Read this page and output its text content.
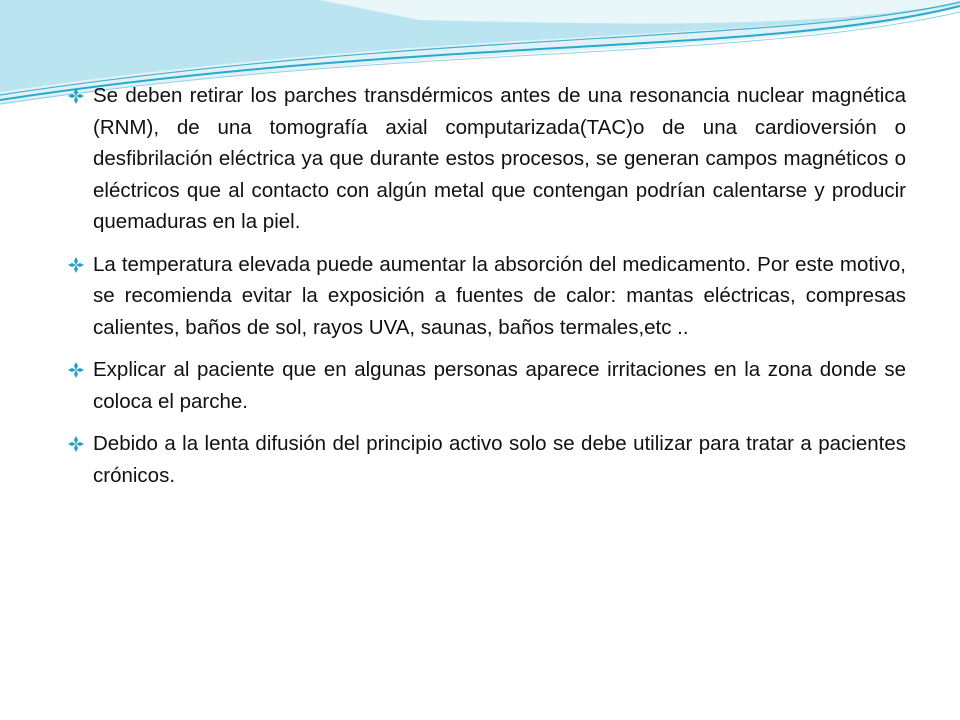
Se deben retirar los parches transdérmicos antes de una resonancia nuclear magnética (RNM), de una tomografía axial computarizada(TAC)o de una cardioversión o desfibrilación eléctrica ya que durante estos procesos, se generan campos magnéticos o eléctricos que al contacto con algún metal que contengan podrían calentarse y producir quemaduras en la piel.
La temperatura elevada puede aumentar la absorción del medicamento. Por este motivo, se recomienda evitar la exposición a fuentes de calor: mantas eléctricas, compresas calientes, baños de sol, rayos UVA, saunas, baños termales,etc ..
Explicar al paciente que en algunas personas aparece irritaciones en la zona donde se coloca el parche.
Debido a la lenta difusión del principio activo solo se debe utilizar para tratar a pacientes crónicos.
